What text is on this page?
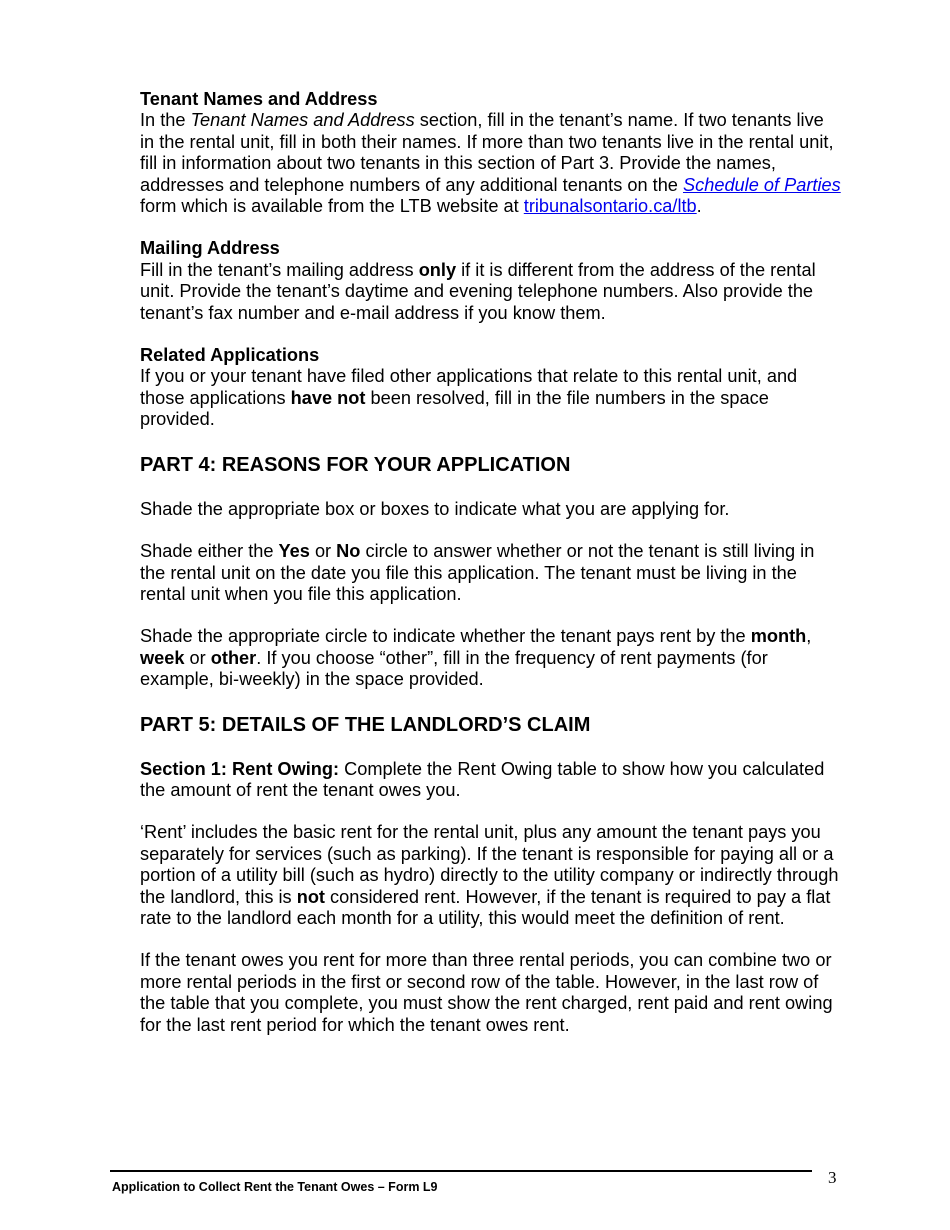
Tenant Names and Address

In the Tenant Names and Address section, fill in the tenant’s name. If two tenants live in the rental unit, fill in both their names. If more than two tenants live in the rental unit, fill in information about two tenants in this section of Part 3. Provide the names, addresses and telephone numbers of any additional tenants on the Schedule of Parties form which is available from the LTB website at tribunalsontario.ca/ltb.

Mailing Address

Fill in the tenant’s mailing address only if it is different from the address of the rental unit. Provide the tenant’s daytime and evening telephone numbers. Also provide the tenant’s fax number and e-mail address if you know them.

Related Applications

If you or your tenant have filed other applications that relate to this rental unit, and those applications have not been resolved, fill in the file numbers in the space provided.

PART 4: REASONS FOR YOUR APPLICATION

Shade the appropriate box or boxes to indicate what you are applying for.

Shade either the Yes or No circle to answer whether or not the tenant is still living in the rental unit on the date you file this application. The tenant must be living in the rental unit when you file this application.

Shade the appropriate circle to indicate whether the tenant pays rent by the month, week or other. If you choose “other”, fill in the frequency of rent payments (for example, bi-weekly) in the space provided.

PART 5: DETAILS OF THE LANDLORD’S CLAIM

Section 1: Rent Owing: Complete the Rent Owing table to show how you calculated the amount of rent the tenant owes you.

‘Rent’ includes the basic rent for the rental unit, plus any amount the tenant pays you separately for services (such as parking). If the tenant is responsible for paying all or a portion of a utility bill (such as hydro) directly to the utility company or indirectly through the landlord, this is not considered rent. However, if the tenant is required to pay a flat rate to the landlord each month for a utility, this would meet the definition of rent.

If the tenant owes you rent for more than three rental periods, you can combine two or more rental periods in the first or second row of the table. However, in the last row of the table that you complete, you must show the rent charged, rent paid and rent owing for the last rent period for which the tenant owes rent.

Application to Collect Rent the Tenant Owes – Form L9	3
